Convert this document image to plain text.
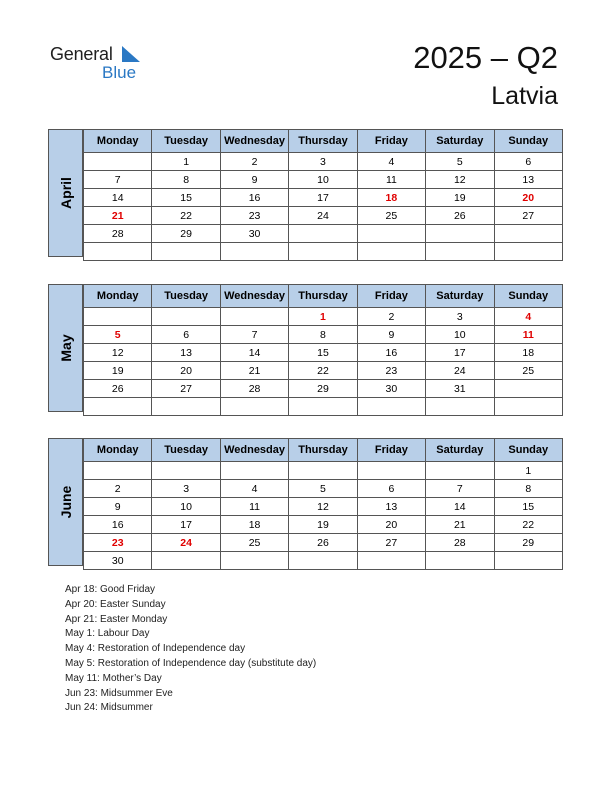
General
Blue	2025 – Q2
Latvia
April
Monday	Tuesday	Wednesday	Thursday	Friday	Saturday	Sunday
	1	2	3	4	5	6
7	8	9	10	11	12	13
14	15	16	17	18	19	20
21	22	23	24	25	26	27
28	29	30				

May
Monday	Tuesday	Wednesday	Thursday	Friday	Saturday	Sunday
			1	2	3	4
5	6	7	8	9	10	11
12	13	14	15	16	17	18
19	20	21	22	23	24	25
26	27	28	29	30	31	

June
Monday	Tuesday	Wednesday	Thursday	Friday	Saturday	Sunday
						1
2	3	4	5	6	7	8
9	10	11	12	13	14	15
16	17	18	19	20	21	22
23	24	25	26	27	28	29
30						
Apr 18: Good Friday
Apr 20: Easter Sunday
Apr 21: Easter Monday
May 1: Labour Day
May 4: Restoration of Independence day
May 5: Restoration of Independence day (substitute day)
May 11: Mother’s Day
Jun 23: Midsummer Eve
Jun 24: Midsummer
